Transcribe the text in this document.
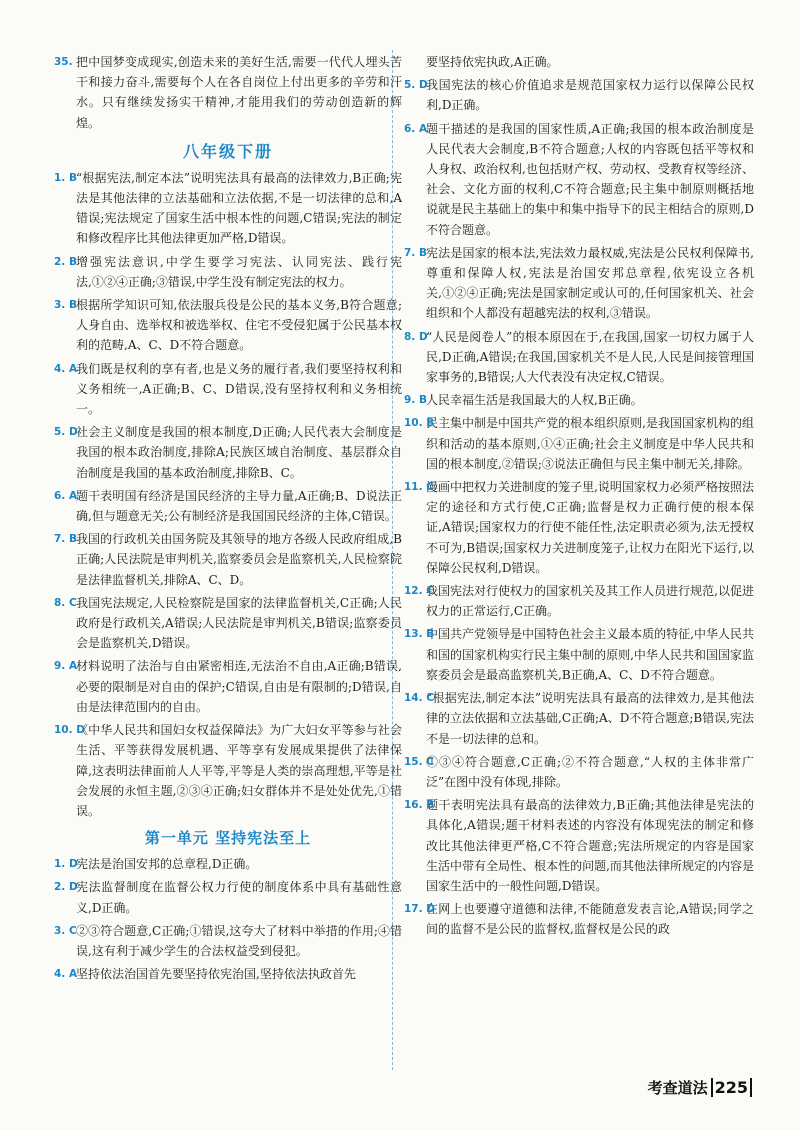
35. 把中国梦变成现实,创造未来的美好生活,需要一代代人埋头苦干和接力奋斗,需要每个人在各自岗位上付出更多的辛劳和汗水。只有继续发扬实干精神,才能用我们的劳动创造新的辉煌。
八年级下册
1. B “根据宪法,制定本法”说明宪法具有最高的法律效力,B正确;宪法是其他法律的立法基础和立法依据,不是一切法律的总和,A错误;宪法规定了国家生活中根本性的问题,C错误;宪法的制定和修改程序比其他法律更加严格,D错误。
2. B 增强宪法意识,中学生要学习宪法、认同宪法、践行宪法,①②④正确;③错误,中学生没有制定宪法的权力。
3. B 根据所学知识可知,依法服兵役是公民的基本义务,B符合题意;人身自由、选举权和被选举权、住宅不受侵犯属于公民基本权利的范畴,A、C、D不符合题意。
4. A
我们既是权利的享有者,也是义务的履行者,我们要坚持权利和义务相统一,A正确;B、C、D错误,没有坚持权利和义务相统一。
5. D
社会主义制度是我国的根本制度,D正确;人民代表大会制度是我国的根本政治制度,排除A;民族区域自治制度、基层群众自治制度是我国的基本政治制度,排除B、C。
6. A
题干表明国有经济是国民经济的主导力量,A正确;B、D说法正确,但与题意无关;公有制经济是我国国民经济的主体,C错误。
7. B 我国的行政机关由国务院及其领导的地方各级人民政府组成,B正确;人民法院是审判机关,监察委员会是监察机关,人民检察院是法律监督机关,排除A、C、D。
8. C 我国宪法规定,人民检察院是国家的法律监督机关,C正确;人民政府是行政机关,A错误;人民法院是审判机关,B错误;监察委员会是监察机关,D错误。
9. A
材料说明了法治与自由紧密相连,无法治不自由,A正确;B错误,必要的限制是对自由的保护;C错误,自由是有限制的;D错误,自由是法律范围内的自由。
10. D
《中华人民共和国妇女权益保障法》为广大妇女平等参与社会生活、平等获得发展机遇、平等享有发展成果提供了法律保障,这表明法律面前人人平等,平等是人类的崇高理想,平等是社会发展的永恒主题,②③④正确;妇女群体并不是处处优先,①错误。
第一单元 坚持宪法至上
1. D
宪法是治国安邦的总章程,D正确。
2. D
宪法监督制度在监督公权力行使的制度体系中具有基础性意义,D正确。
3. C ②③符合题意,C正确;①错误,这夸大了材料中举措的作用;④错误,这有利于减少学生的合法权益受到侵犯。
4. A
坚持依法治国首先要坚持依宪治国,坚持依法执政首先
要坚持依宪执政,A正确。
5. D
我国宪法的核心价值追求是规范国家权力运行以保障公民权利,D正确。
6. A
题干描述的是我国的国家性质,A正确;我国的根本政治制度是人民代表大会制度,B不符合题意;人权的内容既包括平等权和人身权、政治权利,也包括财产权、劳动权、受教育权等经济、社会、文化方面的权利,C不符合题意;民主集中制原则概括地说就是民主基础上的集中和集中指导下的民主相结合的原则,D不符合题意。
7. B 宪法是国家的根本法,宪法效力最权威,宪法是公民权利保障书,尊重和保障人权,宪法是治国安邦总章程,依宪设立各机关,①②④正确;宪法是国家制定或认可的,任何国家机关、社会组织和个人都没有超越宪法的权利,③错误。
8. D
“人民是阅卷人”的根本原因在于,在我国,国家一切权力属于人民,D正确,A错误;在我国,国家机关不是人民,人民是间接管理国家事务的,B错误;人大代表没有决定权,C错误。
9. B 人民幸福生活是我国最大的人权,B正确。
10. B
民主集中制是中国共产党的根本组织原则,是我国国家机构的组织和活动的基本原则,①④正确;社会主义制度是中华人民共和国的根本制度,②错误;③说法正确但与民主集中制无关,排除。
11. C
漫画中把权力关进制度的笼子里,说明国家权力必须严格按照法定的途径和方式行使,C正确;监督是权力正确行使的根本保证,A错误;国家权力的行使不能任性,法定职责必须为,法无授权不可为,B错误;国家权力关进制度笼子,让权力在阳光下运行,以保障公民权利,D错误。
12. C
我国宪法对行使权力的国家机关及其工作人员进行规范,以促进权力的正常运行,C正确。
13. B
中国共产党领导是中国特色社会主义最本质的特征,中华人民共和国的国家机构实行民主集中制的原则,中华人民共和国国家监察委员会是最高监察机关,B正确,A、C、D不符合题意。
14. C
“根据宪法,制定本法”说明宪法具有最高的法律效力,是其他法律的立法依据和立法基础,C正确;A、D不符合题意;B错误,宪法不是一切法律的总和。
15. C
①③④符合题意,C正确;②不符合题意,“人权的主体非常广泛”在图中没有体现,排除。
16. B
题干表明宪法具有最高的法律效力,B正确;其他法律是宪法的具体化,A错误;题干材料表述的内容没有体现宪法的制定和修改比其他法律更严格,C不符合题意;宪法所规定的内容是国家生活中带有全局性、根本性的问题,而其他法律所规定的内容是国家生活中的一般性问题,D错误。
17. D
在网上也要遵守道德和法律,不能随意发表言论,A错误;同学之间的监督不是公民的监督权,监督权是公民的政
考查道法 225
